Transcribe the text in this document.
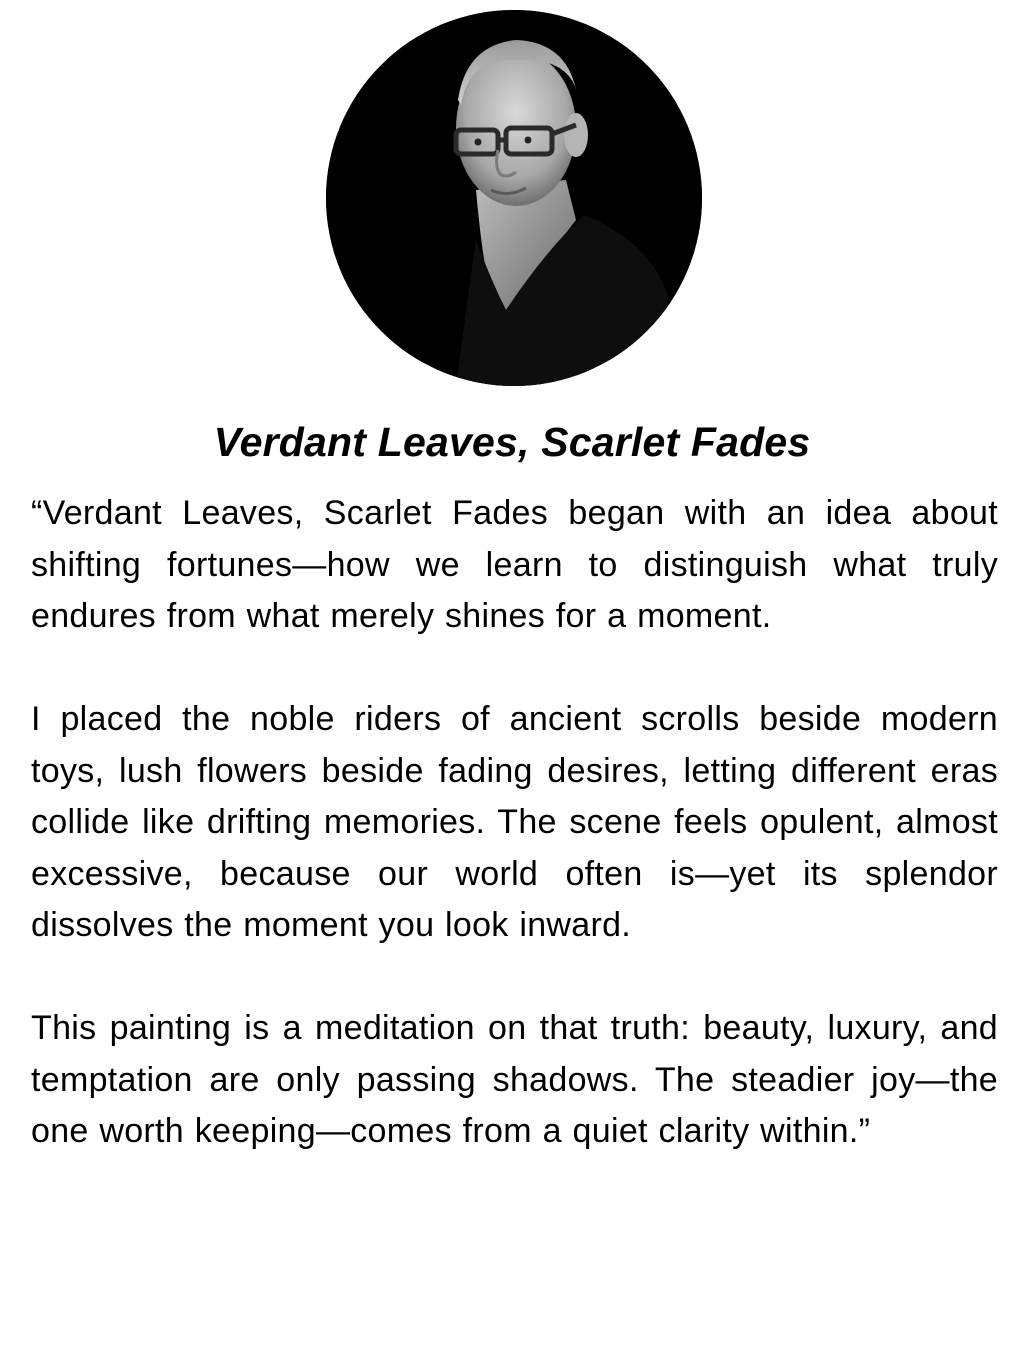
Verdant Leaves, Scarlet Fades

“Verdant Leaves, Scarlet Fades began with an idea about shifting fortunes—how we learn to distinguish what truly endures from what merely shines for a moment.

I placed the noble riders of ancient scrolls beside modern toys, lush flowers beside fading desires, letting different eras collide like drifting memories. The scene feels opulent, almost excessive, because our world often is—yet its splendor dissolves the moment you look inward.

This painting is a meditation on that truth: beauty, luxury, and temptation are only passing shadows. The steadier joy—the one worth keeping—comes from a quiet clarity within.”
